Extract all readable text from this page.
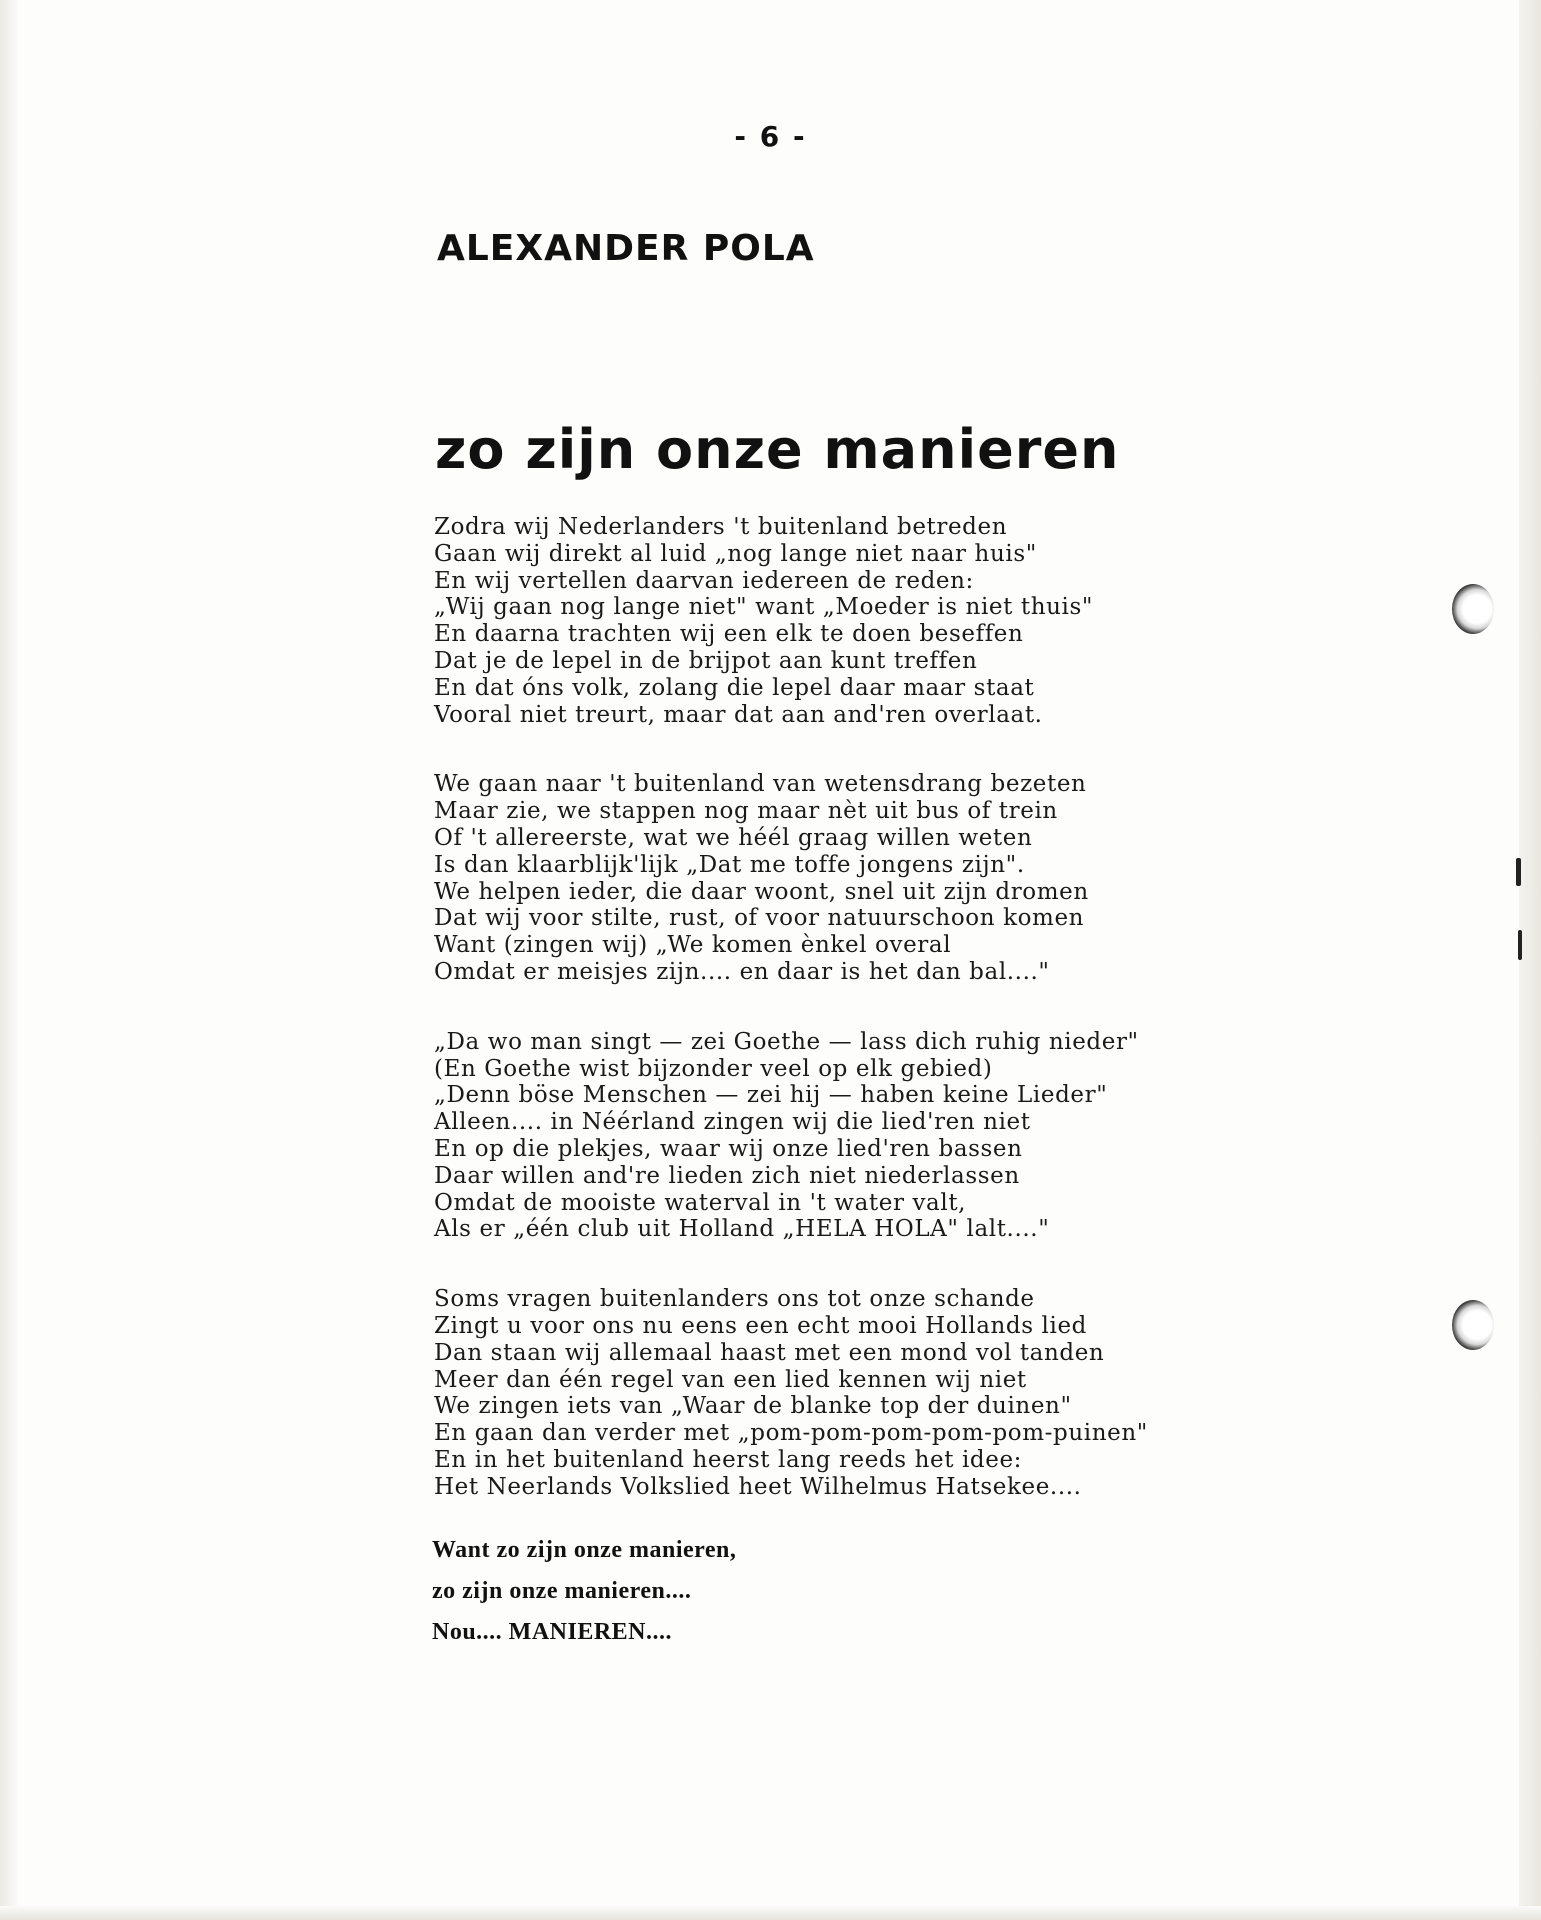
- 6 -
ALEXANDER POLA
zo zijn onze manieren
Zodra wij Nederlanders 't buitenland betreden
Gaan wij direkt al luid „nog lange niet naar huis"
En wij vertellen daarvan iedereen de reden:
„Wij gaan nog lange niet" want „Moeder is niet thuis"
En daarna trachten wij een elk te doen beseffen
Dat je de lepel in de brijpot aan kunt treffen
En dat óns volk, zolang die lepel daar maar staat
Vooral niet treurt, maar dat aan and'ren overlaat.
We gaan naar 't buitenland van wetensdrang bezeten
Maar zie, we stappen nog maar nèt uit bus of trein
Of 't allereerste, wat we héél graag willen weten
Is dan klaarblijk'lijk „Dat me toffe jongens zijn".
We helpen ieder, die daar woont, snel uit zijn dromen
Dat wij voor stilte, rust, of voor natuurschoon komen
Want (zingen wij) „We komen ènkel overal
Omdat er meisjes zijn.... en daar is het dan bal...."
„Da wo man singt — zei Goethe — lass dich ruhig nieder"
(En Goethe wist bijzonder veel op elk gebied)
„Denn böse Menschen — zei hij — haben keine Lieder"
Alleen.... in Néérland zingen wij die lied'ren niet
En op die plekjes, waar wij onze lied'ren bassen
Daar willen and're lieden zich niet niederlassen
Omdat de mooiste waterval in 't water valt,
Als er „één club uit Holland „HELA HOLA" lalt...."
Soms vragen buitenlanders ons tot onze schande
Zingt u voor ons nu eens een echt mooi Hollands lied
Dan staan wij allemaal haast met een mond vol tanden
Meer dan één regel van een lied kennen wij niet
We zingen iets van „Waar de blanke top der duinen"
En gaan dan verder met „pom-pom-pom-pom-pom-puinen"
En in het buitenland heerst lang reeds het idee:
Het Neerlands Volkslied heet Wilhelmus Hatsekee....
Want zo zijn onze manieren,
zo zijn onze manieren....
Nou.... MANIEREN....
